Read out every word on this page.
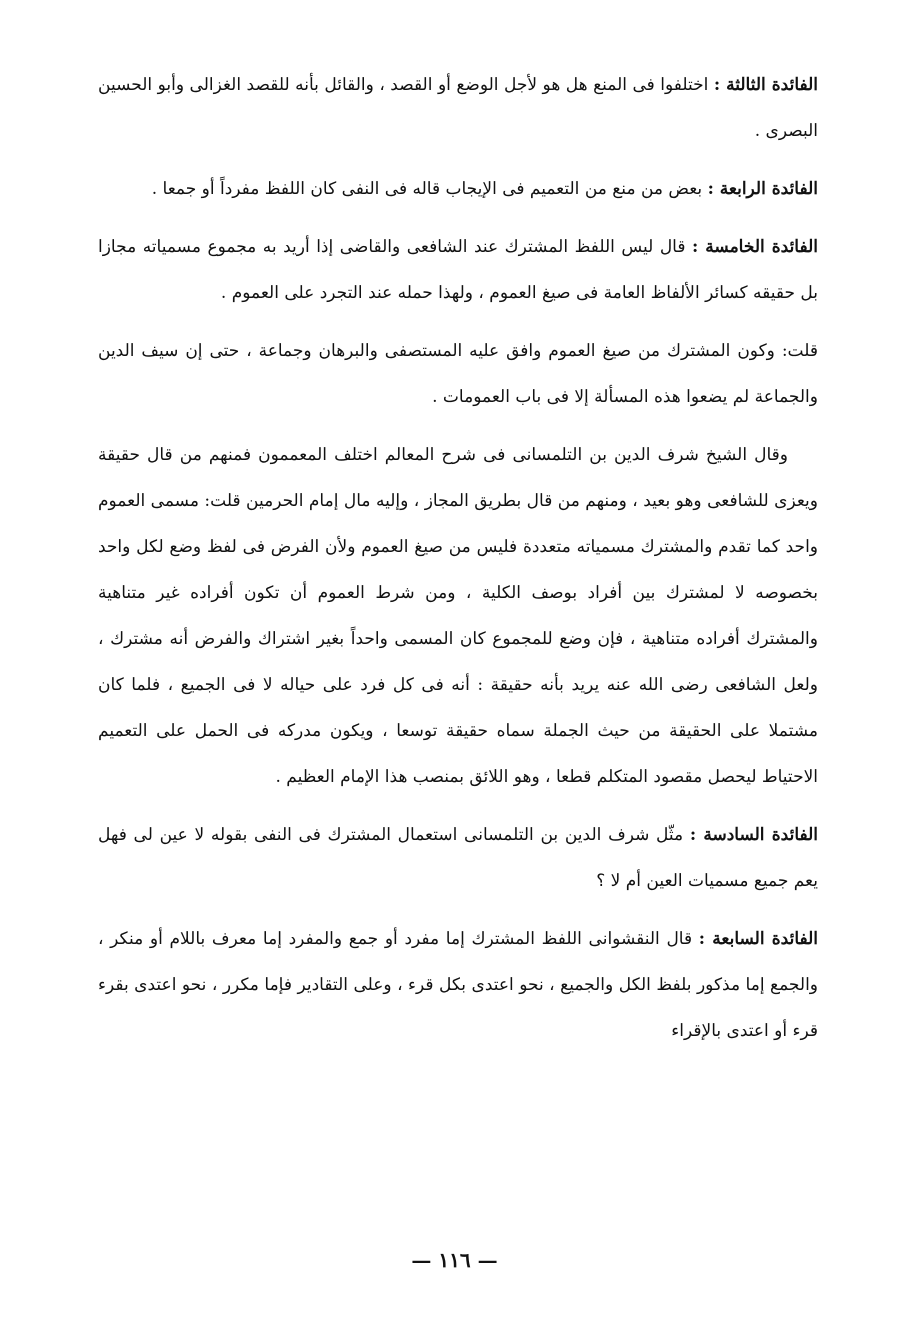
الفائدة الثالثة : اختلفوا فى المنع هل هو لأجل الوضع أو القصد ، والقائل بأنه للقصد الغزالى وأبو الحسين البصرى .

الفائدة الرابعة : بعض من منع من التعميم فى الإيجاب قاله فى النفى كان اللفظ مفرداً أو جمعا .

الفائدة الخامسة : قال ليس اللفظ المشترك عند الشافعى والقاضى إذا أريد به مجموع مسمياته مجازا بل حقيقه كسائر الألفاظ العامة فى صيغ العموم ، ولهذا حمله عند التجرد على العموم .

قلت: وكون المشترك من صيغ العموم وافق عليه المستصفى والبرهان وجماعة ، حتى إن سيف الدين والجماعة لم يضعوا هذه المسألة إلا فى باب العمومات .

وقال الشيخ شرف الدين بن التلمسانى فى شرح المعالم اختلف المعممون فمنهم من قال حقيقة ويعزى للشافعى وهو بعيد ، ومنهم من قال بطريق المجاز ، وإليه مال إمام الحرمين قلت: مسمى العموم واحد كما تقدم والمشترك مسمياته متعددة فليس من صيغ العموم ولأن الفرض فى لفظ وضع لكل واحد بخصوصه لا لمشترك بين أفراد بوصف الكلية ، ومن شرط العموم أن تكون أفراده غير متناهية والمشترك أفراده متناهية ، فإن وضع للمجموع كان المسمى واحداً بغير اشتراك والفرض أنه مشترك ، ولعل الشافعى رضى الله عنه يريد بأنه حقيقة : أنه فى كل فرد على حياله لا فى الجميع ، فلما كان مشتملا على الحقيقة من حيث الجملة سماه حقيقة توسعا ، ويكون مدركه فى الحمل على التعميم الاحتياط ليحصل مقصود المتكلم قطعا ، وهو اللائق بمنصب هذا الإمام العظيم .

الفائدة السادسة : مثّل شرف الدين بن التلمسانى استعمال المشترك فى النفى بقوله لا عين لى فهل يعم جميع مسميات العين أم لا ؟

الفائدة السابعة : قال النقشوانى اللفظ المشترك إما مفرد أو جمع والمفرد إما معرف باللام أو منكر ، والجمع إما مذكور بلفظ الكل والجميع ، نحو اعتدى بكل قرء ، وعلى التقادير فإما مكرر ، نحو اعتدى بقرء قرء أو اعتدى بالإقراء

— ١١٦ —
